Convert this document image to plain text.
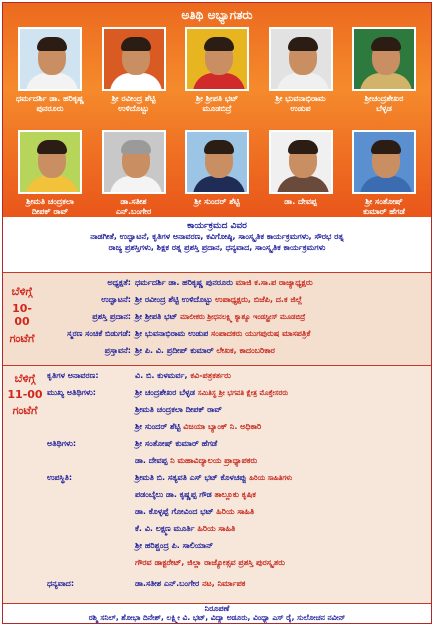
ಅತಿಥಿ ಅಭ್ಯಾಗತರು
ಧರ್ಮದರ್ಶಿ ಡಾ. ಹರಿಕೃಷ್ಣ
ಪುನರೂರು
ಶ್ರೀ ರವೀಂದ್ರ ಶೆಟ್ಟಿ
ಉಳಿದೊಟ್ಟು
ಶ್ರೀ ಶ್ರೀಪತಿ ಭಟ್
ಮೂಡಬಿದ್ರೆ
ಶ್ರೀ ಭುವನಾಭಿರಾಮ
ಉಡುಪ
ಶ್ರೀಚಂದ್ರಶೇಖರ
ಬೆಳ್ಳಡ
ಶ್ರೀಮತಿ ಚಂದ್ರಕಲಾ
ದೀಪಕ್ ರಾವ್
ಡಾ.ಸತೀಶ
ಎನ್.ಬಂಗೇರ
ಶ್ರೀ ಸುಂದರ್ ಶೆಟ್ಟಿ	ಡಾ. ದೇವಪ್ಪ	ಶ್ರೀ ಸಂತೋಷ್
ಕುಮಾರ್ ಹೆಗಡೆ
ಕಾರ್ಯಕ್ರಮದ ವಿವರ
ನಾಡಗೀತೆ, ಉದ್ಘಾಟನೆ, ಕೃತಿಗಳ ಅನಾವರಣ, ಕವಿಗೋಷ್ಠಿ, ಸಾಂಸ್ಕೃತಿಕ ಕಾರ್ಯಕ್ರಮಗಳು, ಸೌರಭ ರತ್ನ
ರಾಜ್ಯ ಪ್ರಶಸ್ತಿಗಳು, ಶಿಕ್ಷಕ ರತ್ನ ಪ್ರಶಸ್ತಿ ಪ್ರದಾನ, ಧನ್ಯವಾದ, ಸಾಂಸ್ಕೃತಿಕ ಕಾರ್ಯಕ್ರಮಗಳು
ಬೆಳಿಗ್ಗೆ
10-00
ಗಂಟೆಗೆ
ಅಧ್ಯಕ್ಷತೆ: ಧರ್ಮದರ್ಶಿ ಡಾ. ಹರಿಕೃಷ್ಣ ಪುನರೂರು ಮಾಜಿ ಕ.ಸಾ.ಪ ರಾಜ್ಯಾಧ್ಯಕ್ಷರು
ಉದ್ಘಾಟನೆ: ಶ್ರೀ ರವೀಂದ್ರ ಶೆಟ್ಟಿ ಉಳಿದೊಟ್ಟು ಉಪಾಧ್ಯಕ್ಷರು, ಬಿಜೆಪಿ, ದ.ಕ ಜಿಲ್ಲೆ
ಪ್ರಶಸ್ತಿ ಪ್ರದಾನ: ಶ್ರೀ ಶ್ರೀಪತಿ ಭಟ್ ಮಾಲೀಕರು ಶ್ರೀಧನಲಕ್ಷ್ಮಿ ಕ್ಯಾಶ್ಯೂ ಇಂಡಸ್ಟ್ರೀಸ್ ಮೂಡಬಿದ್ರೆ
ಸ್ಮರಣ ಸಂಚಿಕೆ ಬಿಡುಗಡೆ: ಶ್ರೀ ಭುವನಾಭಿರಾಮ ಉಡುಪ ಸಂಪಾದಕರು ಯುಗಪುರುಷ ಮಾಸಪತ್ರಿಕೆ
ಪ್ರಸ್ತಾವನೆ: ಶ್ರೀ ಪಿ. ವಿ. ಪ್ರದೀಪ್ ಕುಮಾರ್ ಲೇಖಕ, ಕಾದಂಬರಿಕಾರ
ಬೆಳಿಗ್ಗೆ
11-00
ಗಂಟೆಗೆ
ಕೃತಿಗಳ ಅನಾವರಣ:	ವಿ. ಬಿ. ಕುಳಮರ್ವ, ಕವಿ-ಪತ್ರಕರ್ತರು
ಮುಖ್ಯ ಅತಿಥಿಗಳು:	ಶ್ರೀ ಚಂದ್ರಶೇಖರ ಬೆಳ್ಳಡ ಸಮಿತಿಸ್ಥ ಶ್ರೀ ಭಗವತಿ ಕ್ಷೇತ್ರ ಮೊಕ್ತೇಸರರು
ಶ್ರೀಮತಿ ಚಂದ್ರಕಲಾ ದೀಪಕ್ ರಾವ್
ಶ್ರೀ ಸುಂದರ್ ಶೆಟ್ಟಿ ವಿಜಯಾ ಬ್ಯಾಂಕ್ ನಿ. ಅಧಿಕಾರಿ
ಅತಿಥಿಗಳು:	ಶ್ರೀ ಸಂತೋಷ್ ಕುಮಾರ್ ಹೆಗಡೆ
ಡಾ. ದೇವಪ್ಪ ನಿ ಮಹಾವಿದ್ಯಾಲಯ ಪ್ರಾಧ್ಯಾಪಕರು
ಉಪಸ್ಥಿತಿ:	ಶ್ರೀಮತಿ ಬಿ. ಸತ್ಯವತಿ ಎಸ್ ಭಟ್ ಕೊಳಚಪ್ಪು ಹಿರಿಯ ಸಾಹಿತಿಗಳು
ಪಡಂಬೈಲು ಡಾ. ಕೃಷ್ಣಪ್ಪ ಗೌಡ ತಾಲ್ಲೂಕು ಕೃಷಿಕ
ಡಾ. ಕೊಳ್ಳಪ್ಪೆ ಗೋವಿಂದ ಭಟ್ ಹಿರಿಯ ಸಾಹಿತಿ
ಕೆ. ವಿ. ಲಕ್ಷ್ಮಣ ಮೂರ್ತಿ ಹಿರಿಯ ಸಾಹಿತಿ
ಶ್ರೀ ಹರಿಶ್ಚಂದ್ರ ಪಿ. ಸಾಲಿಯಾನ್
ಗೌರವ ಡಾಕ್ಟರೇಟ್, ಜಿಲ್ಲಾ ರಾಜ್ಯೋತ್ಸವ ಪ್ರಶಸ್ತಿ ಪುರಸ್ಕೃತರು
ಧನ್ಯವಾದ:	ಡಾ.ಸತೀಶ ಎನ್.ಬಂಗೇರ ನಟ, ನಿರ್ಮಾಪಕ
ನಿರೂಪಣೆ
ರಶ್ಮಿ ಸನಿಲ್, ಶೋಭಾ ದಿನೇಶ್, ಲಕ್ಷ್ಮೀ ವಿ. ಭಟ್, ವಿದ್ಯಾ ಅಡೂರು, ವಿಂಧ್ಯಾ ಎಸ್ ರೈ, ಸುಲೋಚನ ನವೀನ್
